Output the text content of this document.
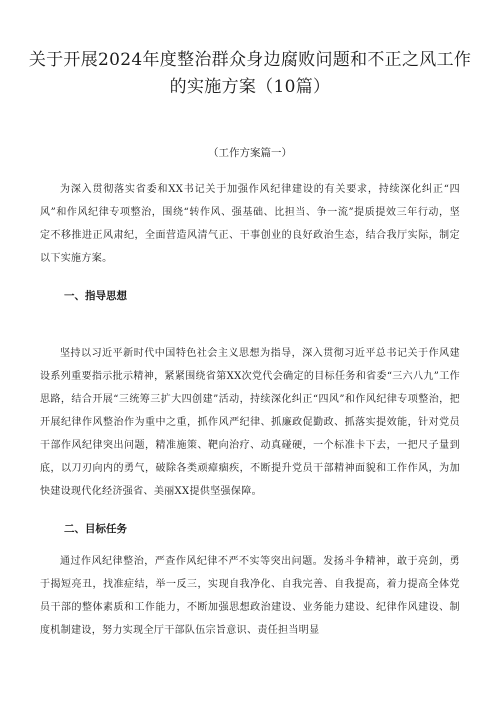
关于开展2024年度整治群众身边腐败问题和不正之风工作的实施方案（10篇）
（工作方案篇一）

为深入贯彻落实省委和XX书记关于加强作风纪律建设的有关要求，持续深化纠正“四风”和作风纪律专项整治，围绕“转作风、强基础、比担当、争一流”提质提效三年行动，坚定不移推进正风肃纪，全面营造风清气正、干事创业的良好政治生态，结合我厅实际，制定以下实施方案。

一、指导思想

坚持以习近平新时代中国特色社会主义思想为指导，深入贯彻习近平总书记关于作风建设系列重要指示批示精神，紧紧围绕省第XX次党代会确定的目标任务和省委“三六八九”工作思路，结合开展“三统筹三扩大四创建”活动，持续深化纠正“四风”和作风纪律专项整治，把开展纪律作风整治作为重中之重，抓作风严纪律、抓廉政促勤政、抓落实提效能，针对党员干部作风纪律突出问题，精准施策、靶向治疗、动真碰硬，一个标准卡下去，一把尺子量到底，以刀刃向内的勇气，破除各类顽瘴痼疾，不断提升党员干部精神面貌和工作作风，为加快建设现代化经济强省、美丽XX提供坚强保障。

二、目标任务

通过作风纪律整治，严查作风纪律不严不实等突出问题。发扬斗争精神，敢于亮剑，勇于揭短亮丑，找准症结，举一反三，实现自我净化、自我完善、自我提高，着力提高全体党员干部的整体素质和工作能力，不断加强思想政治建设、业务能力建设、纪律作风建设、制度机制建设，努力实现全厅干部队伍宗旨意识、责任担当明显
